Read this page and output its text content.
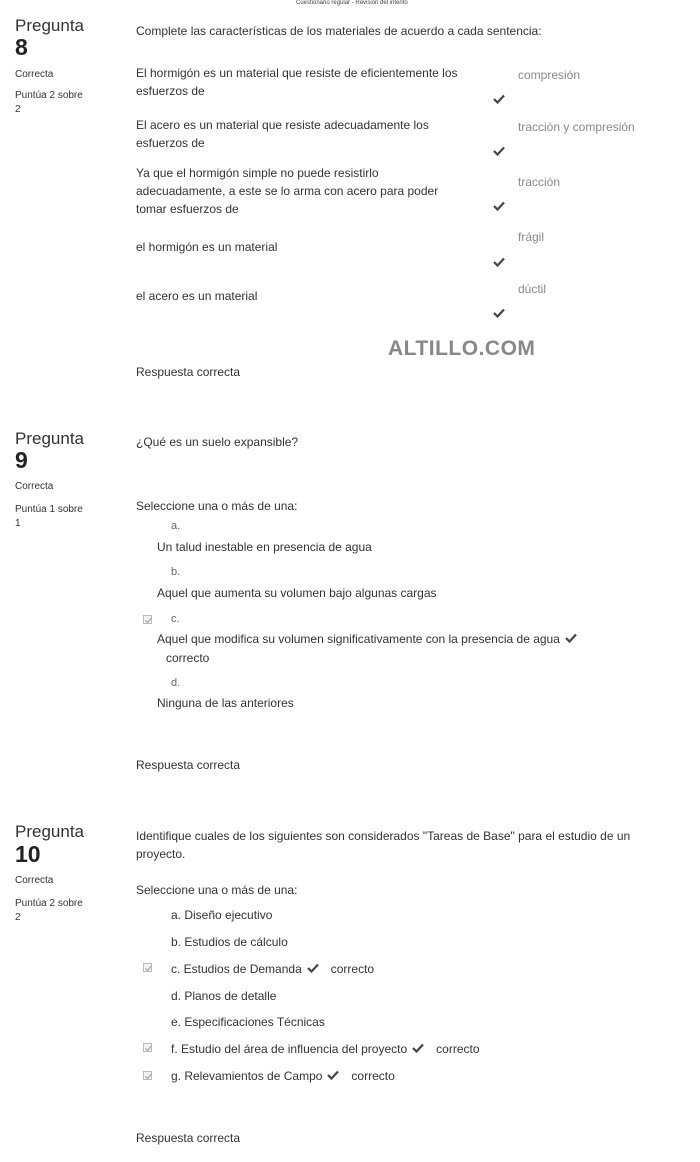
Cuestionario regular - Revisión del intento
Pregunta
8
Correcta
Puntúa 2 sobre 2
Complete las características de los materiales de acuerdo a cada sentencia:
El hormigón es un material que resiste de eficientemente los
esfuerzos de
compresión
El acero es un material que resiste adecuadamente los
esfuerzos de
tracción y compresión
Ya que el hormigón simple no puede resistirlo
adecuadamente, a este se lo arma con acero para poder
tomar esfuerzos de
tracción
el hormigón es un material
frágil
el acero es un material	dúctil
ALTILLO.COM
Respuesta correcta
Pregunta
9
Correcta
Puntúa 1 sobre 1
¿Qué es un suelo expansible?
Seleccione una o más de una:
a.
Un talud inestable en presencia de agua
b.
Aquel que aumenta su volumen bajo algunas cargas
c.
Aquel que modifica su volumen significativamente con la presencia de agua
correcto
d.
Ninguna de las anteriores
Respuesta correcta
Pregunta
10
Correcta
Puntúa 2 sobre 2
Identifique cuales de los siguientes son considerados "Tareas de Base" para el estudio de un
proyecto.
Seleccione una o más de una:
a. Diseño ejecutivo
b. Estudios de cálculo
c. Estudios de Demanda correcto
d. Planos de detalle
e. Especificaciones Técnicas
f. Estudio del área de influencia del proyecto correcto
g. Relevamientos de Campo correcto
Respuesta correcta
